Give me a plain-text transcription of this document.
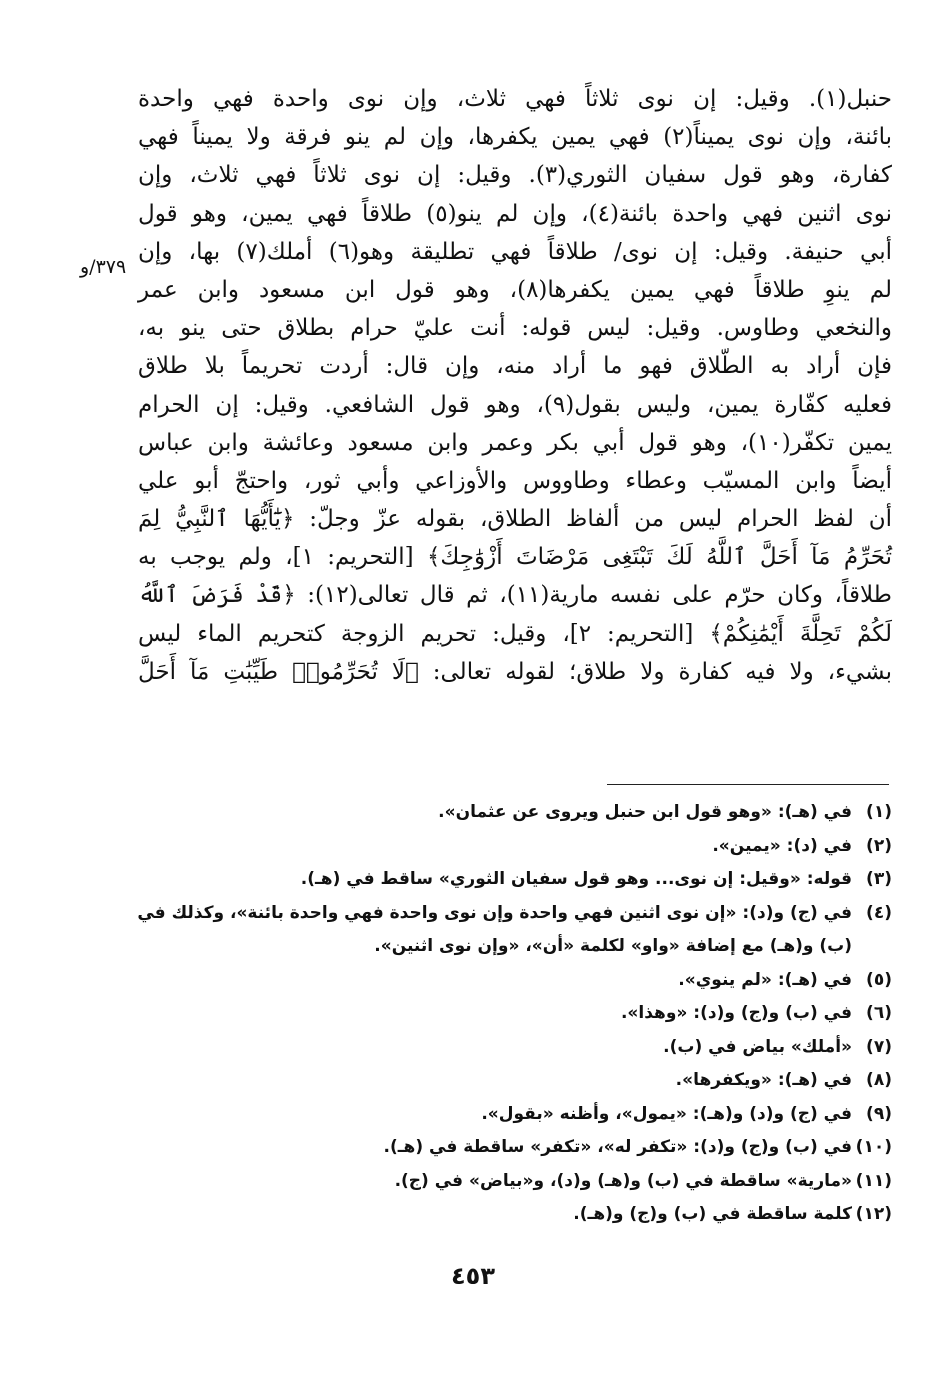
حنبل(١). وقيل: إن نوى ثلاثاً فهي ثلاث، وإن نوى واحدة فهي واحدة
بائنة، وإن نوى يميناً(٢) فهي يمين يكفرها، وإن لم ينو فرقة ولا يميناً فهي
كفارة، وهو قول سفيان الثوري(٣). وقيل: إن نوى ثلاثاً فهي ثلاث، وإن
نوى اثنين فهي واحدة بائنة(٤)، وإن لم ينو(٥) طلاقاً فهي يمين، وهو قول
أبي حنيفة. وقيل: إن نوى/ طلاقاً فهي تطليقة وهو(٦) أملك(٧) بها، وإن
لم ينوِ طلاقاً فهي يمين يكفرها(٨)، وهو قول ابن مسعود وابن عمر
والنخعي وطاوس. وقيل: ليس قوله: أنت عليّ حرام بطلاق حتى ينو به،
فإن أراد به الطّلاق فهو ما أراد منه، وإن قال: أردت تحريماً بلا طلاق
فعليه كفّارة يمين، وليس بقول(٩)، وهو قول الشافعي. وقيل: إن الحرام
يمين تكفّر(١٠)، وهو قول أبي بكر وعمر وابن مسعود وعائشة وابن عباس
أيضاً وابن المسيّب وعطاء وطاووس والأوزاعي وأبي ثور، واحتجّ أبو علي
أن لفظ الحرام ليس من ألفاظ الطلاق، بقوله عزّ وجلّ: ﴿يَٰٓأَيُّهَا ٱلنَّبِيُّ لِمَ
تُحَرِّمُ مَآ أَحَلَّ ٱللَّهُ لَكَ تَبْتَغِى مَرْضَاتَ أَزْوَٰجِكَ﴾ [التحريم: ١]، ولم يوجب به
طلاقاً، وكان حرّم على نفسه مارية(١١)، ثم قال تعالى(١٢): ﴿قَدْ فَرَضَ ٱللَّهُ
لَكُمْ تَحِلَّةَ أَيْمَٰنِكُمْ﴾ [التحريم: ٢]، وقيل: تحريم الزوجة كتحريم الماء ليس
بشيء، ولا فيه كفارة ولا طلاق؛ لقوله تعالى: ﴿لَا تُحَرِّمُوا۟ طَيِّبَٰتِ مَآ أَحَلَّ
٣٧٩/و
(١)
في (هـ): «وهو قول ابن حنبل ويروى عن عثمان».
(٢)
في (د): «يمين».
(٣)
قوله: «وقيل: إن نوى... وهو قول سفيان الثوري» ساقط في (هـ).
(٤)
في (ج) و(د): «إن نوى اثنين فهي واحدة وإن نوى واحدة فهي واحدة بائنة»، وكذلك في (ب) و(هـ) مع إضافة «واو» لكلمة «أن»، «وإن نوى اثنين».
(٥)
في (هـ): «لم ينوي».
(٦)
في (ب) و(ج) و(د): «وهذا».
(٧)
«أملك» بياض في (ب).
(٨)
في (هـ): «ويكفرها».
(٩)
في (ج) و(د) و(هـ): «يمول»، وأظنه «بقول».
(١٠)
في (ب) و(ج) و(د): «تكفر له»، «تكفر» ساقطة في (هـ).
(١١)
«مارية» ساقطة في (ب) و(هـ) و(د)، و«بياض» في (ج).
(١٢)
كلمة ساقطة في (ب) و(ج) و(هـ).
٤٥٣
